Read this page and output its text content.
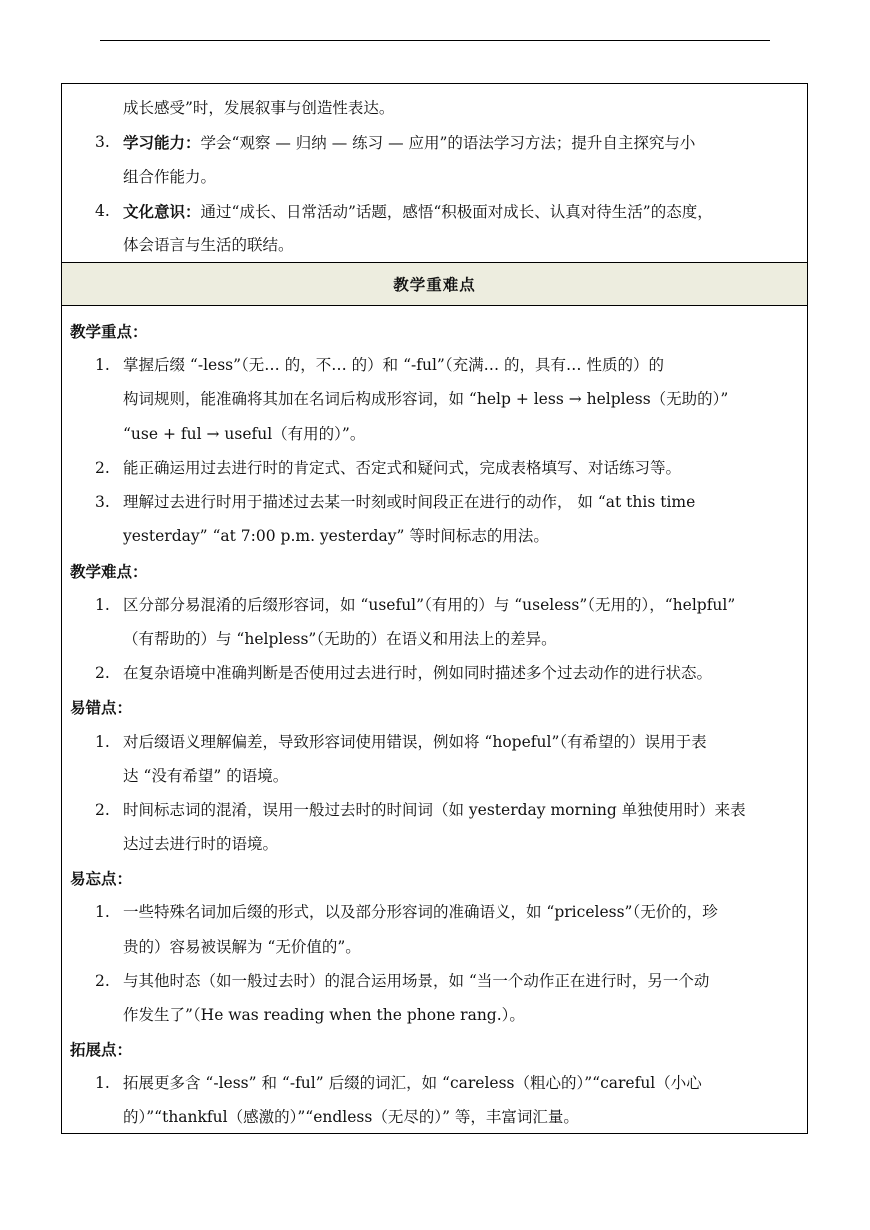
成长感受”时，发展叙事与创造性表达。
3. 学习能力：学会“观察 — 归纳 — 练习 — 应用”的语法学习方法；提升自主探究与小
组合作能力。
4. 文化意识：通过“成长、日常活动”话题，感悟“积极面对成长、认真对待生活”的态度，
体会语言与生活的联结。
教学重难点
教学重点：
1. 掌握后缀 “-less”（无… 的，不… 的）和 “-ful”（充满… 的，具有… 性质的）的
构词规则，能准确将其加在名词后构成形容词，如 “help + less → helpless（无助的）”
“use + ful → useful（有用的）”。
2. 能正确运用过去进行时的肯定式、否定式和疑问式，完成表格填写、对话练习等。
3. 理解过去进行时用于描述过去某一时刻或时间段正在进行的动作， 如 “at this time
yesterday” “at 7:00 p.m. yesterday” 等时间标志的用法。
教学难点：
1. 区分部分易混淆的后缀形容词，如 “useful”（有用的）与 “useless”（无用的），“helpful”
（有帮助的）与 “helpless”（无助的）在语义和用法上的差异。
2. 在复杂语境中准确判断是否使用过去进行时，例如同时描述多个过去动作的进行状态。
易错点：
1. 对后缀语义理解偏差，导致形容词使用错误，例如将 “hopeful”（有希望的）误用于表
达 “没有希望” 的语境。
2. 时间标志词的混淆，误用一般过去时的时间词（如 yesterday morning 单独使用时）来表
达过去进行时的语境。
易忘点：
1. 一些特殊名词加后缀的形式，以及部分形容词的准确语义，如 “priceless”（无价的，珍
贵的）容易被误解为 “无价值的”。
2. 与其他时态（如一般过去时）的混合运用场景，如 “当一个动作正在进行时，另一个动
作发生了”（He was reading when the phone rang.）。
拓展点：
1. 拓展更多含 “-less” 和 “-ful” 后缀的词汇，如 “careless（粗心的）”“careful（小心
的）”“thankful（感激的）”“endless（无尽的）” 等，丰富词汇量。
